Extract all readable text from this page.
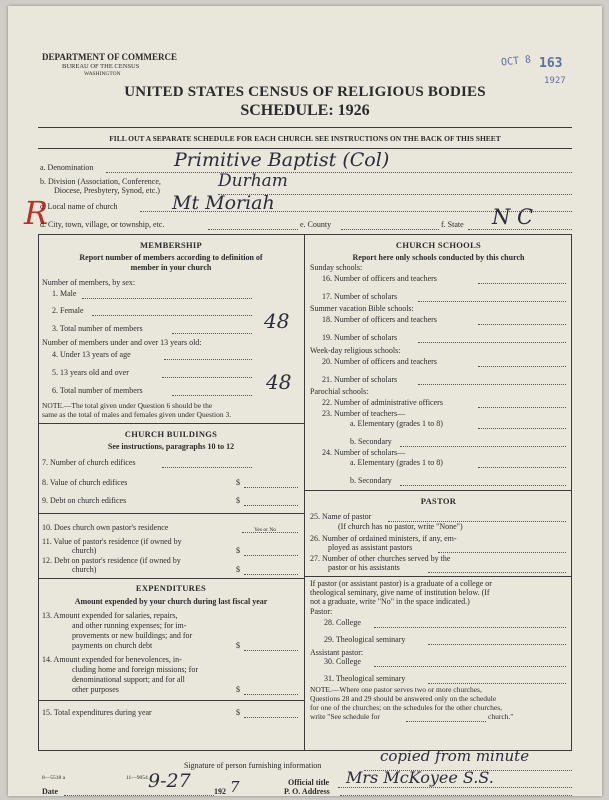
DEPARTMENT OF COMMERCE
BUREAU OF THE CENSUS
WASHINGTON
OCT 8 163
1927
UNITED STATES CENSUS OF RELIGIOUS BODIES
SCHEDULE: 1926
FILL OUT A SEPARATE SCHEDULE FOR EACH CHURCH. SEE INSTRUCTIONS ON THE BACK OF THIS SHEET
a. Denomination	Primitive Baptist (Col)
b. Division (Association, Conference,
Diocese, Presbytery, Synod, etc.)	Durham
R
c. Local name of church	Mt Moriah
d. City, town, village, or township, etc.	e. County	f. State N C
MEMBERSHIP
Report number of members according to definition of
member in your church
Number of members, by sex:
1. Male
2. Female
3. Total number of members	48
Number of members under and over 13 years old:
4. Under 13 years of age
5. 13 years old and over
6. Total number of members	48
NOTE.—The total given under Question 6 should be the
same as the total of males and females given under Question 3.
CHURCH BUILDINGS
See instructions, paragraphs 10 to 12
7. Number of church edifices
8. Value of church edifices	$
9. Debt on church edifices	$
10. Does church own pastor's residence	Yes or No
11. Value of pastor's residence (if owned by
church)	$
12. Debt on pastor's residence (if owned by
church)	$
EXPENDITURES
Amount expended by your church during last fiscal year
13. Amount expended for salaries, repairs,
and other running expenses; for im-
provements or new buildings; and for
payments on church debt	$
14. Amount expended for benevolences, in-
cluding home and foreign missions; for
denominational support; and for all
other purposes	$
15. Total expenditures during year	$
CHURCH SCHOOLS
Report here only schools conducted by this church
Sunday schools:
16. Number of officers and teachers
17. Number of scholars
Summer vacation Bible schools:
18. Number of officers and teachers
19. Number of scholars
Week-day religious schools:
20. Number of officers and teachers
21. Number of scholars
Parochial schools:
22. Number of administrative officers
23. Number of teachers—
a. Elementary (grades 1 to 8)
b. Secondary
24. Number of scholars—
a. Elementary (grades 1 to 8)
b. Secondary
PASTOR
25. Name of pastor
(If church has no pastor, write "None")
26. Number of ordained ministers, if any, em-
ployed as assistant pastors
27. Number of other churches served by the
pastor or his assistants
If pastor (or assistant pastor) is a graduate of a college or
theological seminary, give name of institution below. (If
not a graduate, write "No" in the space indicated.)
Pastor:
28. College
29. Theological seminary
Assistant pastor:
30. College
31. Theological seminary
NOTE.—Where one pastor serves two or more churches,
Questions 28 and 29 should be answered only on the schedule
for one of the churches; on the schedules for the other churches,
write "See schedule for	church."
Signature of person furnishing information
copied from minute
Official title Mrs McKoyee S.S.
Date	9-27	192 7	P. O. Address
8—5518 a	11—9054
